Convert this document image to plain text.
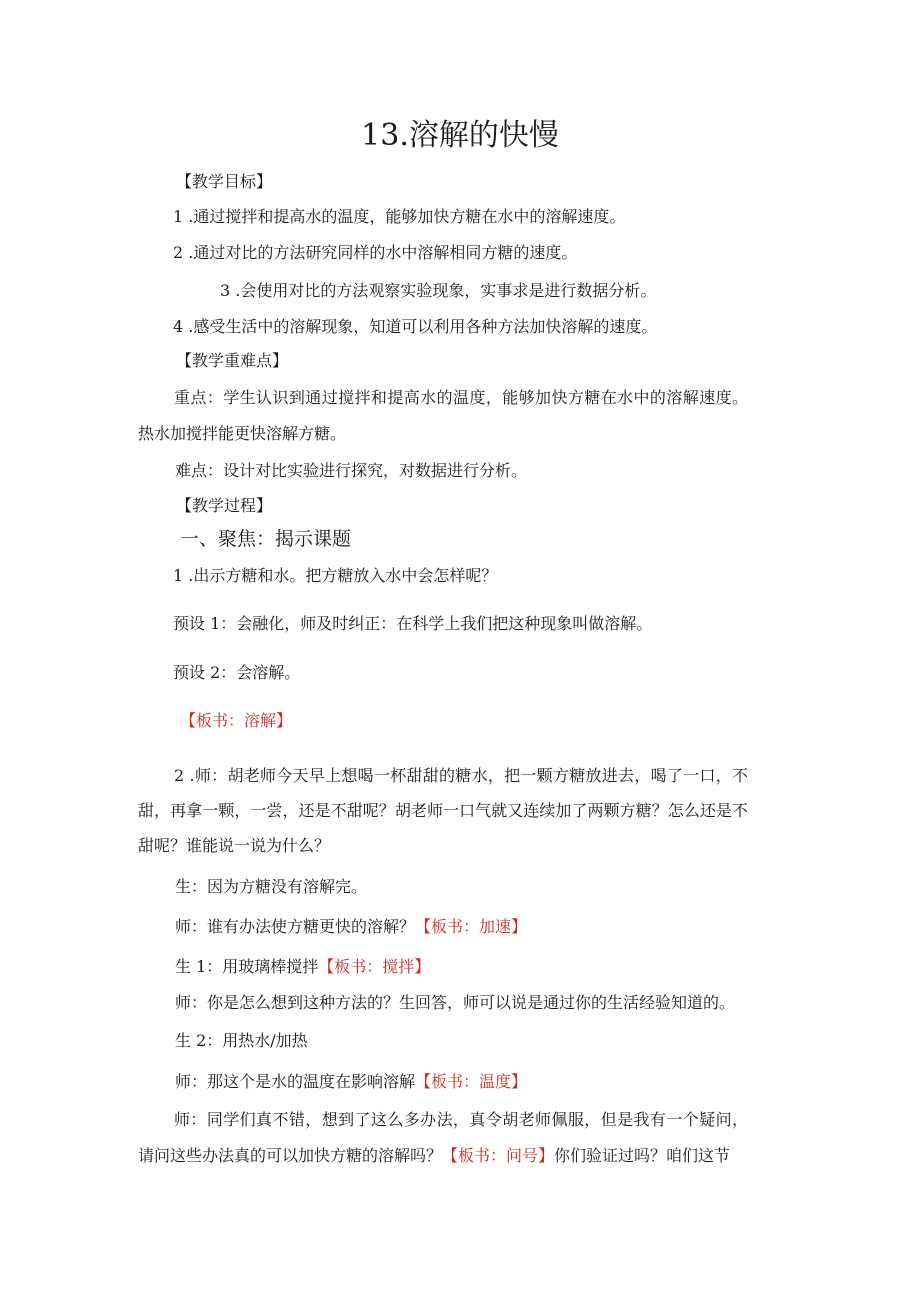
13.溶解的快慢
【教学目标】
1 .通过搅拌和提高水的温度，能够加快方糖在水中的溶解速度。
2 .通过对比的方法研究同样的水中溶解相同方糖的速度。
3 .会使用对比的方法观察实验现象，实事求是进行数据分析。
4 .感受生活中的溶解现象，知道可以利用各种方法加快溶解的速度。
【教学重难点】
重点：学生认识到通过搅拌和提高水的温度，能够加快方糖在水中的溶解速度。热水加搅拌能更快溶解方糖。
难点：设计对比实验进行探究，对数据进行分析。
【教学过程】
一、聚焦：揭示课题
1 .出示方糖和水。把方糖放入水中会怎样呢？
预设 1：会融化，师及时纠正：在科学上我们把这种现象叫做溶解。
预设 2：会溶解。
【板书：溶解】
2 .师：胡老师今天早上想喝一杯甜甜的糖水，把一颗方糖放进去，喝了一口，不甜，再拿一颗，一尝，还是不甜呢？胡老师一口气就又连续加了两颗方糖？怎么还是不甜呢？谁能说一说为什么？
生：因为方糖没有溶解完。
师：谁有办法使方糖更快的溶解？【板书：加速】
生 1：用玻璃棒搅拌【板书：搅拌】
师：你是怎么想到这种方法的？生回答，师可以说是通过你的生活经验知道的。
生 2：用热水/加热
师：那这个是水的温度在影响溶解【板书：温度】
师：同学们真不错，想到了这么多办法，真令胡老师佩服，但是我有一个疑问，请问这些办法真的可以加快方糖的溶解吗？【板书：问号】你们验证过吗？咱们这节
